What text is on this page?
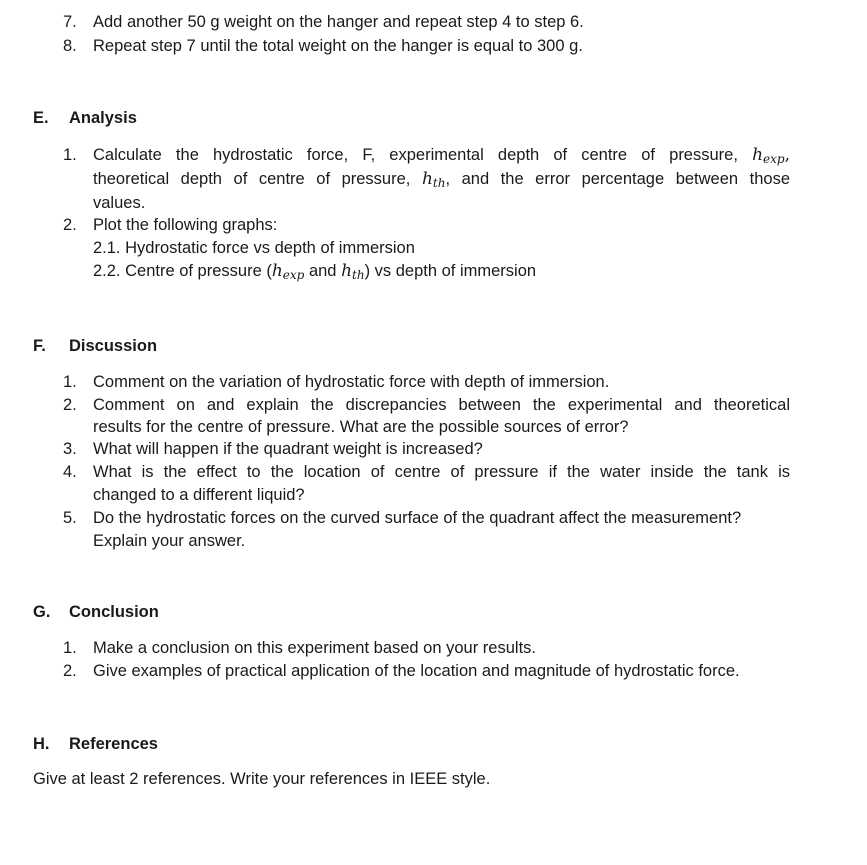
7. Add another 50 g weight on the hanger and repeat step 4 to step 6.
8. Repeat step 7 until the total weight on the hanger is equal to 300 g.
E. Analysis
1. Calculate the hydrostatic force, F, experimental depth of centre of pressure, $h_{exp}$,
theoretical depth of centre of pressure, $h_{th}$, and the error percentage between those
values.
2. Plot the following graphs:
2.1. Hydrostatic force vs depth of immersion
2.2. Centre of pressure ($h_{exp}$ and $h_{th}$) vs depth of immersion
F. Discussion
1. Comment on the variation of hydrostatic force with depth of immersion.
2. Comment on and explain the discrepancies between the experimental and theoretical
results for the centre of pressure. What are the possible sources of error?
3. What will happen if the quadrant weight is increased?
4. What is the effect to the location of centre of pressure if the water inside the tank is
changed to a different liquid?
5. Do the hydrostatic forces on the curved surface of the quadrant affect the measurement?
Explain your answer.
G. Conclusion
1. Make a conclusion on this experiment based on your results.
2. Give examples of practical application of the location and magnitude of hydrostatic force.
H. References
Give at least 2 references. Write your references in IEEE style.
